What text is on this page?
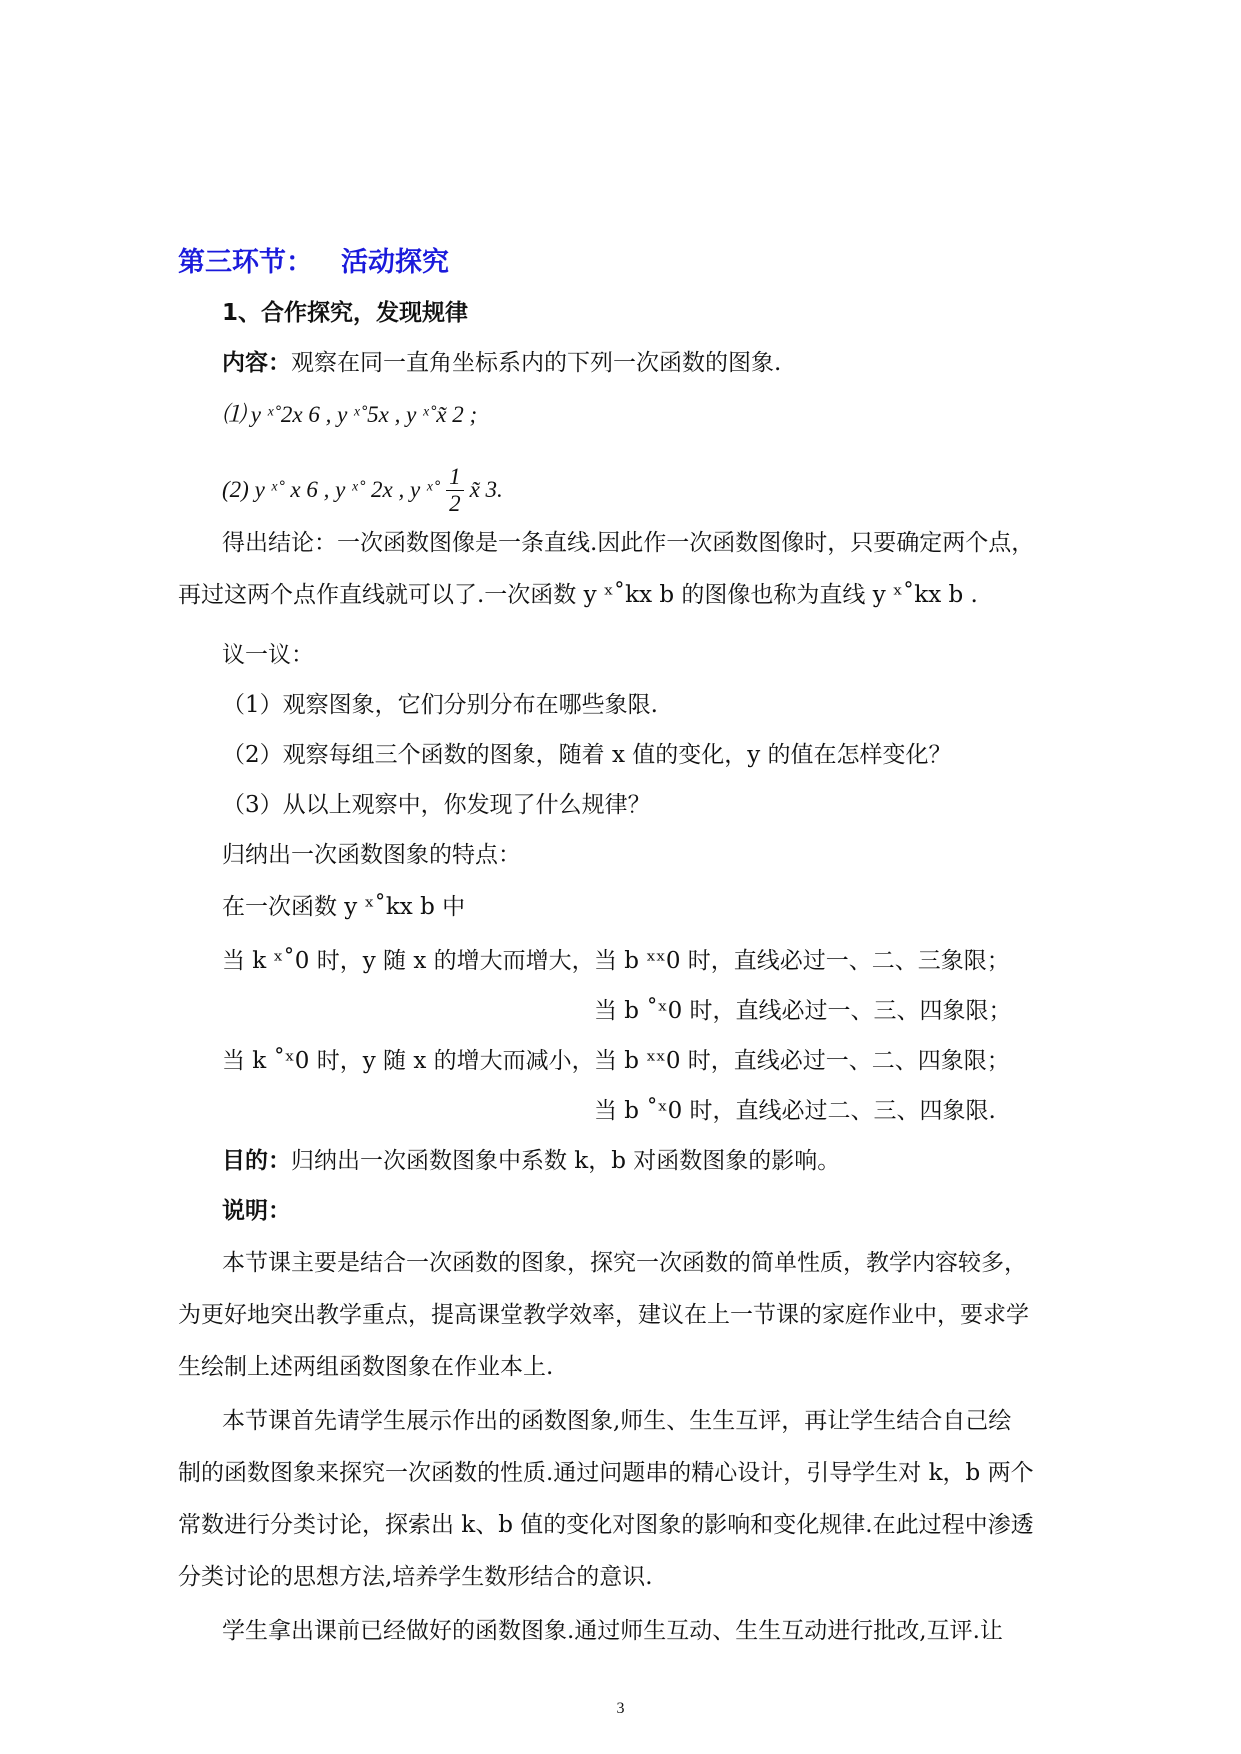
第三环节： 活动探究
1、合作探究，发现规律
内容：观察在同一直角坐标系内的下列一次函数的图象.
⑴ y ˣ˚2x 6 , y ˣ˚5x , y ˣ˚x̃ 2 ;
(2) y ˣ˚ x 6 , y ˣ˚ 2x , y ˣ˚ $\frac{1}{2}$ x̃ 3.
得出结论：一次函数图像是一条直线.因此作一次函数图像时，只要确定两个点，
再过这两个点作直线就可以了.一次函数 y ˣ˚kx b 的图像也称为直线 y ˣ˚kx b .
议一议：
（1）观察图象，它们分别分布在哪些象限.
（2）观察每组三个函数的图象，随着 x 值的变化，y 的值在怎样变化？
（3）从以上观察中，你发现了什么规律？
归纳出一次函数图象的特点：
在一次函数 y ˣ˚kx b 中
当 k ˣ˚0 时，y 随 x 的增大而增大， 当 b ˣˣ0 时，直线必过一、二、三象限；
当 b ˚ˣ0 时，直线必过一、三、四象限；
当 k ˚ˣ0 时，y 随 x 的增大而减小， 当 b ˣˣ0 时，直线必过一、二、四象限；
当 b ˚ˣ0 时，直线必过二、三、四象限.
目的：归纳出一次函数图象中系数 k，b 对函数图象的影响。
说明：
本节课主要是结合一次函数的图象，探究一次函数的简单性质，教学内容较多，
为更好地突出教学重点，提高课堂教学效率，建议在上一节课的家庭作业中，要求学
生绘制上述两组函数图象在作业本上.
本节课首先请学生展示作出的函数图象,师生、生生互评，再让学生结合自己绘
制的函数图象来探究一次函数的性质.通过问题串的精心设计，引导学生对 k，b 两个
常数进行分类讨论，探索出 k、b 值的变化对图象的影响和变化规律.在此过程中渗透
分类讨论的思想方法,培养学生数形结合的意识.
学生拿出课前已经做好的函数图象.通过师生互动、生生互动进行批改,互评.让
3
